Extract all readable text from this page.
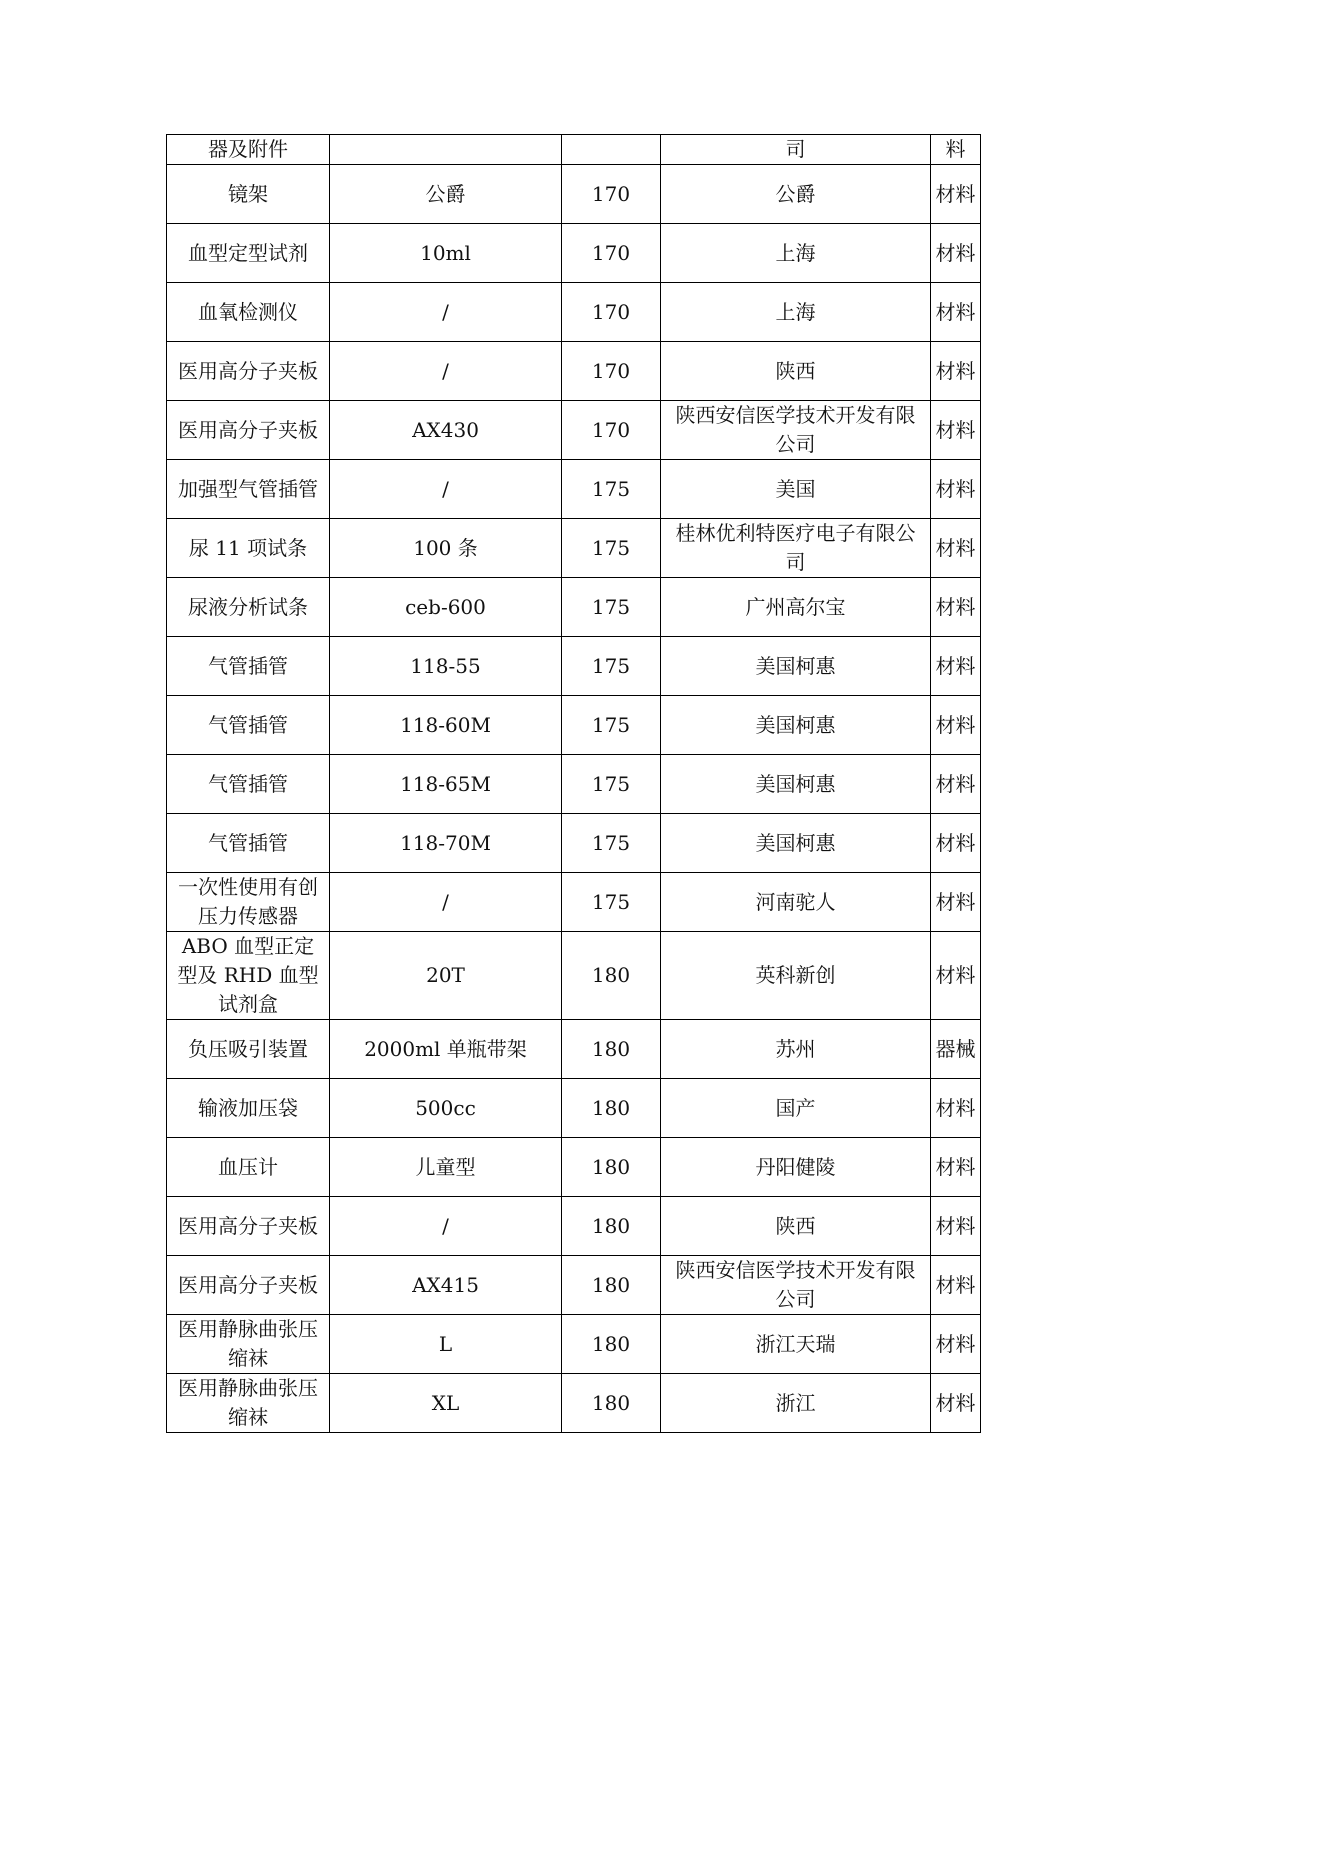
器及附件			司	料
镜架	公爵	170	公爵	材料
血型定型试剂	10ml	170	上海	材料
血氧检测仪	/	170	上海	材料
医用高分子夹板	/	170	陕西	材料
医用高分子夹板	AX430	170	陕西安信医学技术开发有限公司	材料
加强型气管插管	/	175	美国	材料
尿 11 项试条	100 条	175	桂林优利特医疗电子有限公司	材料
尿液分析试条	ceb-600	175	广州高尔宝	材料
气管插管	118-55	175	美国柯惠	材料
气管插管	118-60M	175	美国柯惠	材料
气管插管	118-65M	175	美国柯惠	材料
气管插管	118-70M	175	美国柯惠	材料
一次性使用有创压力传感器	/	175	河南驼人	材料
ABO 血型正定型及 RHD 血型试剂盒	20T	180	英科新创	材料
负压吸引装置	2000ml 单瓶带架	180	苏州	器械
输液加压袋	500cc	180	国产	材料
血压计	儿童型	180	丹阳健陵	材料
医用高分子夹板	/	180	陕西	材料
医用高分子夹板	AX415	180	陕西安信医学技术开发有限公司	材料
医用静脉曲张压缩袜	L	180	浙江天瑞	材料
医用静脉曲张压缩袜	XL	180	浙江	材料
